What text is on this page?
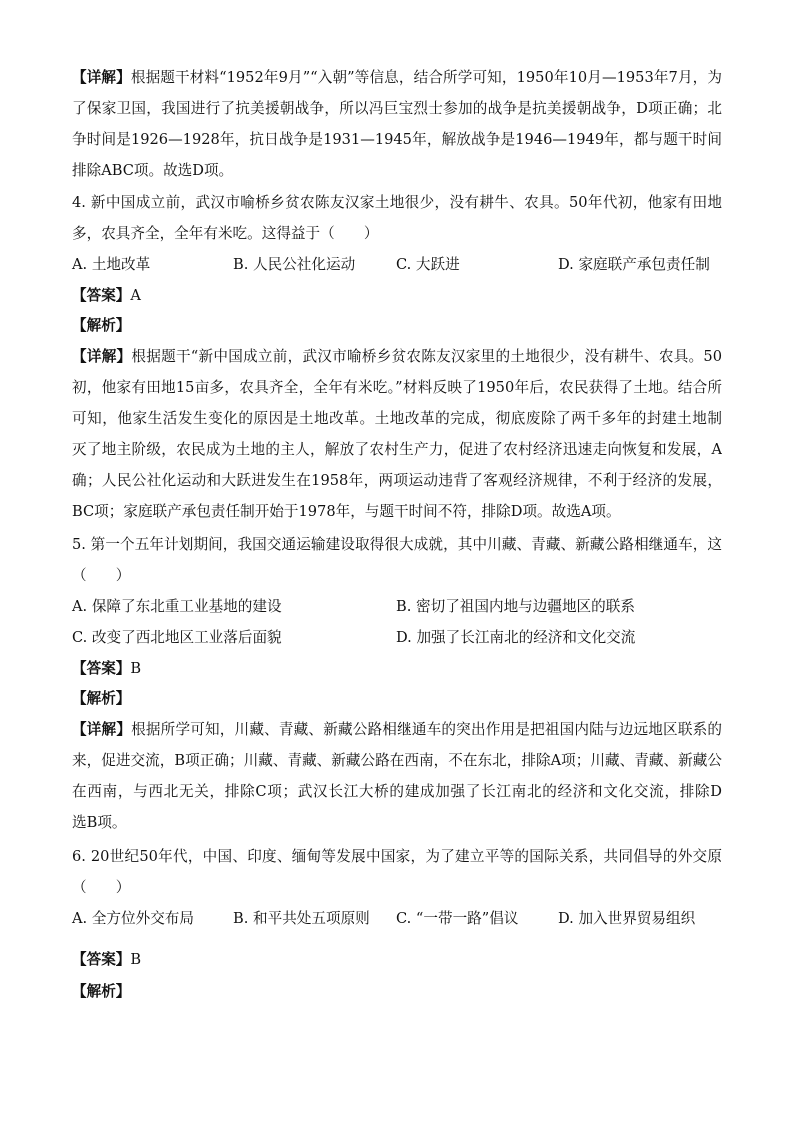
【详解】根据题干材料“1952年9月”“入朝”等信息，结合所学可知，1950年10月—1953年7月，为
了保家卫国，我国进行了抗美援朝战争，所以冯巨宝烈士参加的战争是抗美援朝战争，D项正确；北
争时间是1926—1928年，抗日战争是1931—1945年，解放战争是1946—1949年，都与题干时间
排除ABC项。故选D项。
4. 新中国成立前，武汉市喻桥乡贫农陈友汉家土地很少，没有耕牛、农具。50年代初，他家有田地
多，农具齐全，全年有米吃。这得益于（　　）
A. 土地改革	B. 人民公社化运动	C. 大跃进	D. 家庭联产承包责任制
【答案】A
【解析】
【详解】根据题干“新中国成立前，武汉市喻桥乡贫农陈友汉家里的土地很少，没有耕牛、农具。50
初，他家有田地15亩多，农具齐全，全年有米吃。”材料反映了1950年后，农民获得了土地。结合所
可知，他家生活发生变化的原因是土地改革。土地改革的完成，彻底废除了两千多年的封建土地制
灭了地主阶级，农民成为土地的主人，解放了农村生产力，促进了农村经济迅速走向恢复和发展，A
确；人民公社化运动和大跃进发生在1958年，两项运动违背了客观经济规律，不利于经济的发展，
BC项；家庭联产承包责任制开始于1978年，与题干时间不符，排除D项。故选A项。
5. 第一个五年计划期间，我国交通运输建设取得很大成就，其中川藏、青藏、新藏公路相继通车，这
（　　）
A. 保障了东北重工业基地的建设	B. 密切了祖国内地与边疆地区的联系
C. 改变了西北地区工业落后面貌	D. 加强了长江南北的经济和文化交流
【答案】B
【解析】
【详解】根据所学可知，川藏、青藏、新藏公路相继通车的突出作用是把祖国内陆与边远地区联系的
来，促进交流，B项正确；川藏、青藏、新藏公路在西南，不在东北，排除A项；川藏、青藏、新藏公
在西南，与西北无关，排除C项；武汉长江大桥的建成加强了长江南北的经济和文化交流，排除D
选B项。
6. 20世纪50年代，中国、印度、缅甸等发展中国家，为了建立平等的国际关系，共同倡导的外交原
（　　）
A. 全方位外交布局	B. 和平共处五项原则 C. “一带一路”倡议	D. 加入世界贸易组织
【答案】B
【解析】
